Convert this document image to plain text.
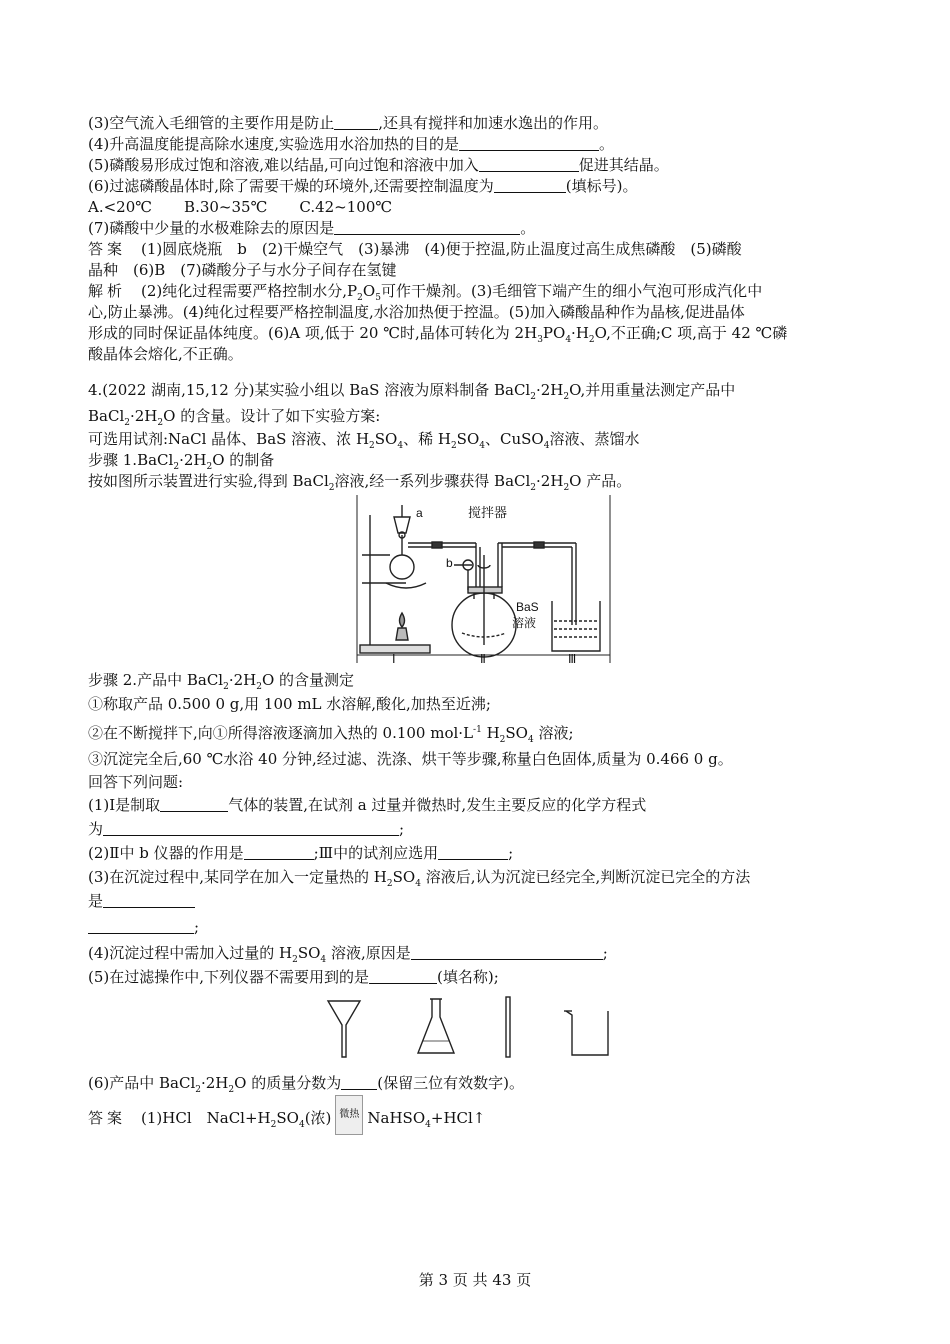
(3)空气流入毛细管的主要作用是防止	,还具有搅拌和加速水逸出的作用。
(4)升高温度能提高除水速度,实验选用水浴加热的目的是	。
(5)磷酸易形成过饱和溶液,难以结晶,可向过饱和溶液中加入	促进其结晶。
(6)过滤磷酸晶体时,除了需要干燥的环境外,还需要控制温度为	(填标号)。
A.<20℃ B.30~35℃ C.42~100℃
(7)磷酸中少量的水极难除去的原因是	。
答案　 (1)圆底烧瓶　b　(2)干燥空气　(3)暴沸　(4)便于控温,防止温度过高生成焦磷酸　(5)磷酸
晶种　(6)B　(7)磷酸分子与水分子间存在氢键
解析　 (2)纯化过程需要严格控制水分$,P_2O_5$可作干燥剂。(3)毛细管下端产生的细小气泡可形成汽化中
心,防止暴沸。(4)纯化过程要严格控制温度,水浴加热便于控温。(5)加入磷酸晶种作为晶核,促进晶体
形成的同时保证晶体纯度。(6)A 项,低于 20 ℃时,晶体可转化为 $2H_3PO_4\cdot H_2O$,不正确;C 项,高于 42 ℃磷
酸晶体会熔化,不正确。
4.(2022 湖南,15,12 分)某实验小组以 BaS 溶液为原料制备 $BaCl_2\cdot 2H_2O$,并用重量法测定产品中
$BaCl_2\cdot 2H_2O$ 的含量。设计了如下实验方案:
可选用试剂:NaCl 晶体、BaS 溶液、浓 $H_2SO_4$、稀 $H_2SO_4$、CuSO$_4$溶液、蒸馏水
步骤 $1.BaCl_2\cdot 2H_2O$ 的制备
按如图所示装置进行实验,得到 BaCl$_2$溶液,经一系列步骤获得 $BaCl_2\cdot 2H_2O$ 产品。
a
b
搅拌器
BaS
溶液
Ⅰ	Ⅱ	Ⅲ
步骤 2.产品中 $BaCl_2\cdot 2H_2O$ 的含量测定
①称取产品 0.500 0 g,用 100 mL 水溶解,酸化,加热至近沸;
②在不断搅拌下,向①所得溶液逐滴加入热的 0.100 $mol\cdot L^{-1}$ $H_2SO_4$ 溶液;
③沉淀完全后,60 ℃水浴 40 分钟,经过滤、洗涤、烘干等步骤,称量白色固体,质量为 0.466 0 g。
回答下列问题:
(1)Ⅰ是制取	气体的装置,在试剂 a 过量并微热时,发生主要反应的化学方程式
为	;
(2)Ⅱ中 b 仪器的作用是	;Ⅲ中的试剂应选用	;
(3)在沉淀过程中,某同学在加入一定量热的 $H_2SO_4$ 溶液后,认为沉淀已经完全,判断沉淀已完全的方法
是
;
(4)沉淀过程中需加入过量的 $H_2SO_4$ 溶液,原因是	;
(5)在过滤操作中,下列仪器不需要用到的是	(填名称);
(6)产品中 $BaCl_2\cdot 2H_2O$ 的质量分数为 (保留三位有效数字)。
答案　 (1)HCl　$NaCl+H_2SO_4$(浓) 微热 NaHSO$_4$+HCl↑
第 3 页 共 43 页
